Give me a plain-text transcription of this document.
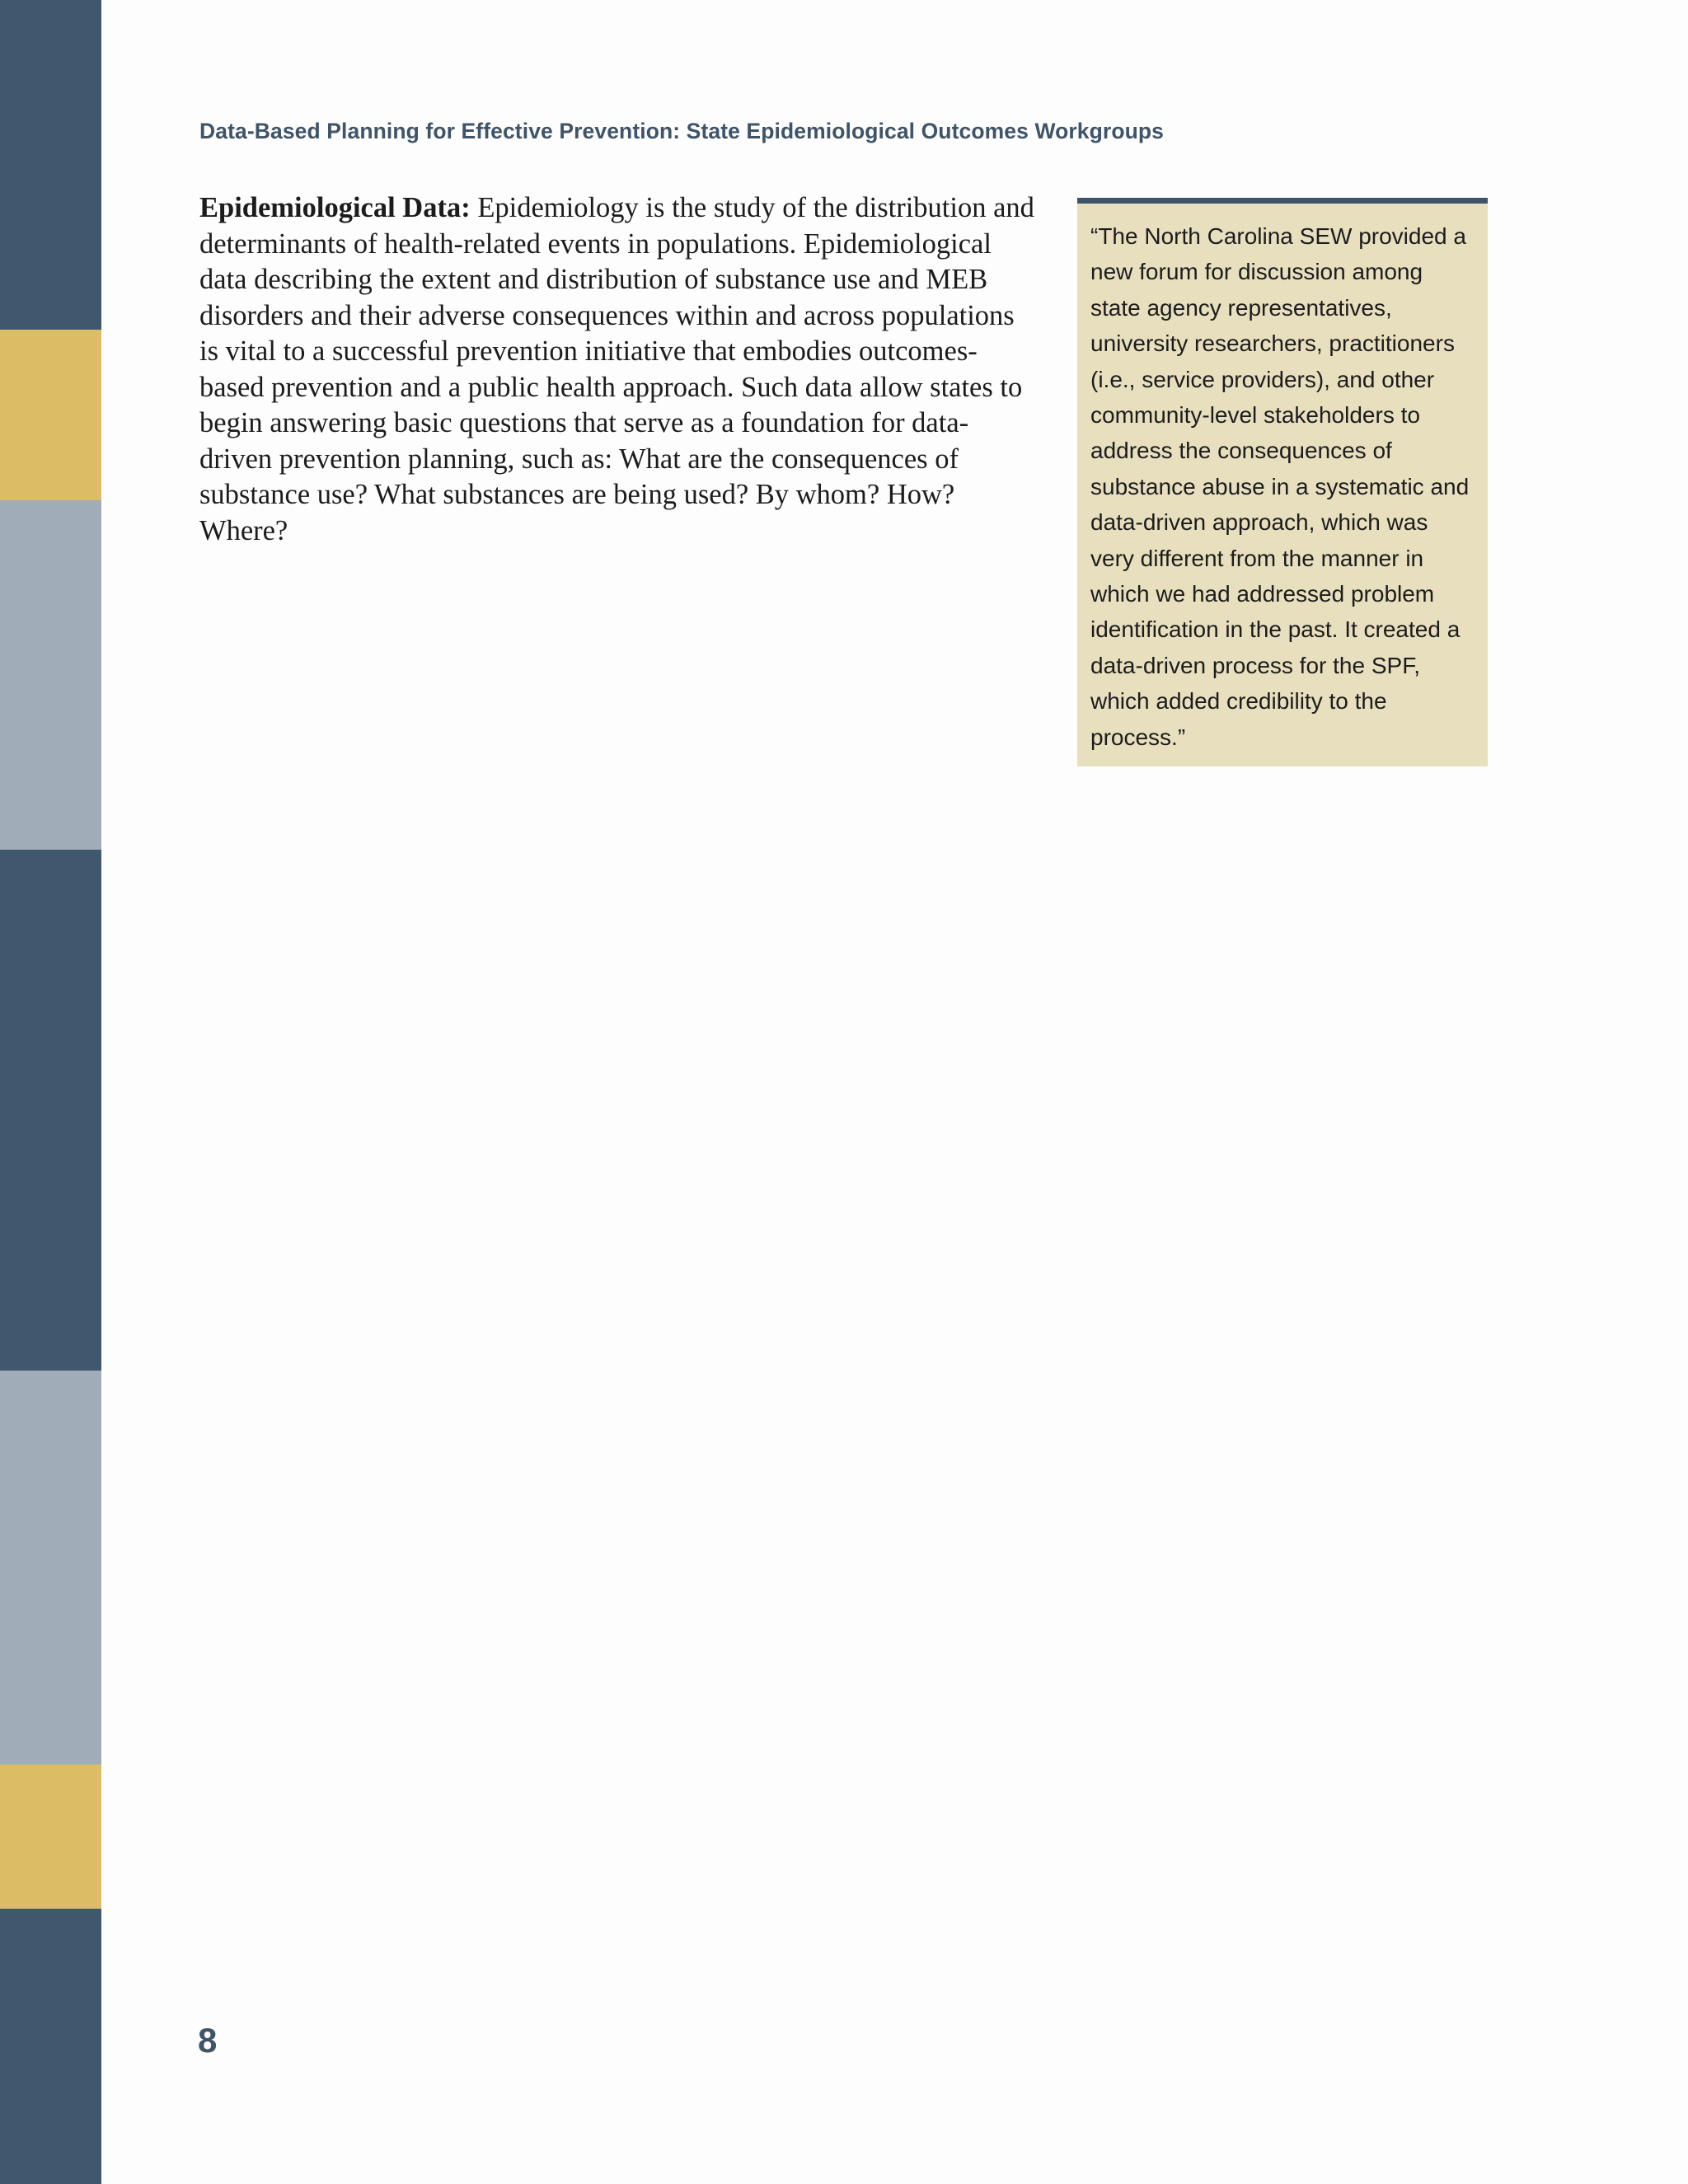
Data-Based Planning for Effective Prevention: State Epidemiological Outcomes Workgroups

Epidemiological Data: Epidemiology is the study of the distribution and determinants of health-related events in populations. Epidemiological data describing the extent and distribution of substance use and MEB disorders and their adverse consequences within and across populations is vital to a successful prevention initiative that embodies outcomes-based prevention and a public health approach. Such data allow states to begin answering basic questions that serve as a foundation for data-driven prevention planning, such as: What are the consequences of substance use? What substances are being used? By whom? How? Where?

“The North Carolina SEW provided a new forum for discussion among state agency representatives, university researchers, practitioners (i.e., service providers), and other community-level stakeholders to address the consequences of substance abuse in a systematic and data-driven approach, which was very different from the manner in which we had addressed problem identification in the past. It created a data-driven process for the SPF, which added credibility to the process.”

8
